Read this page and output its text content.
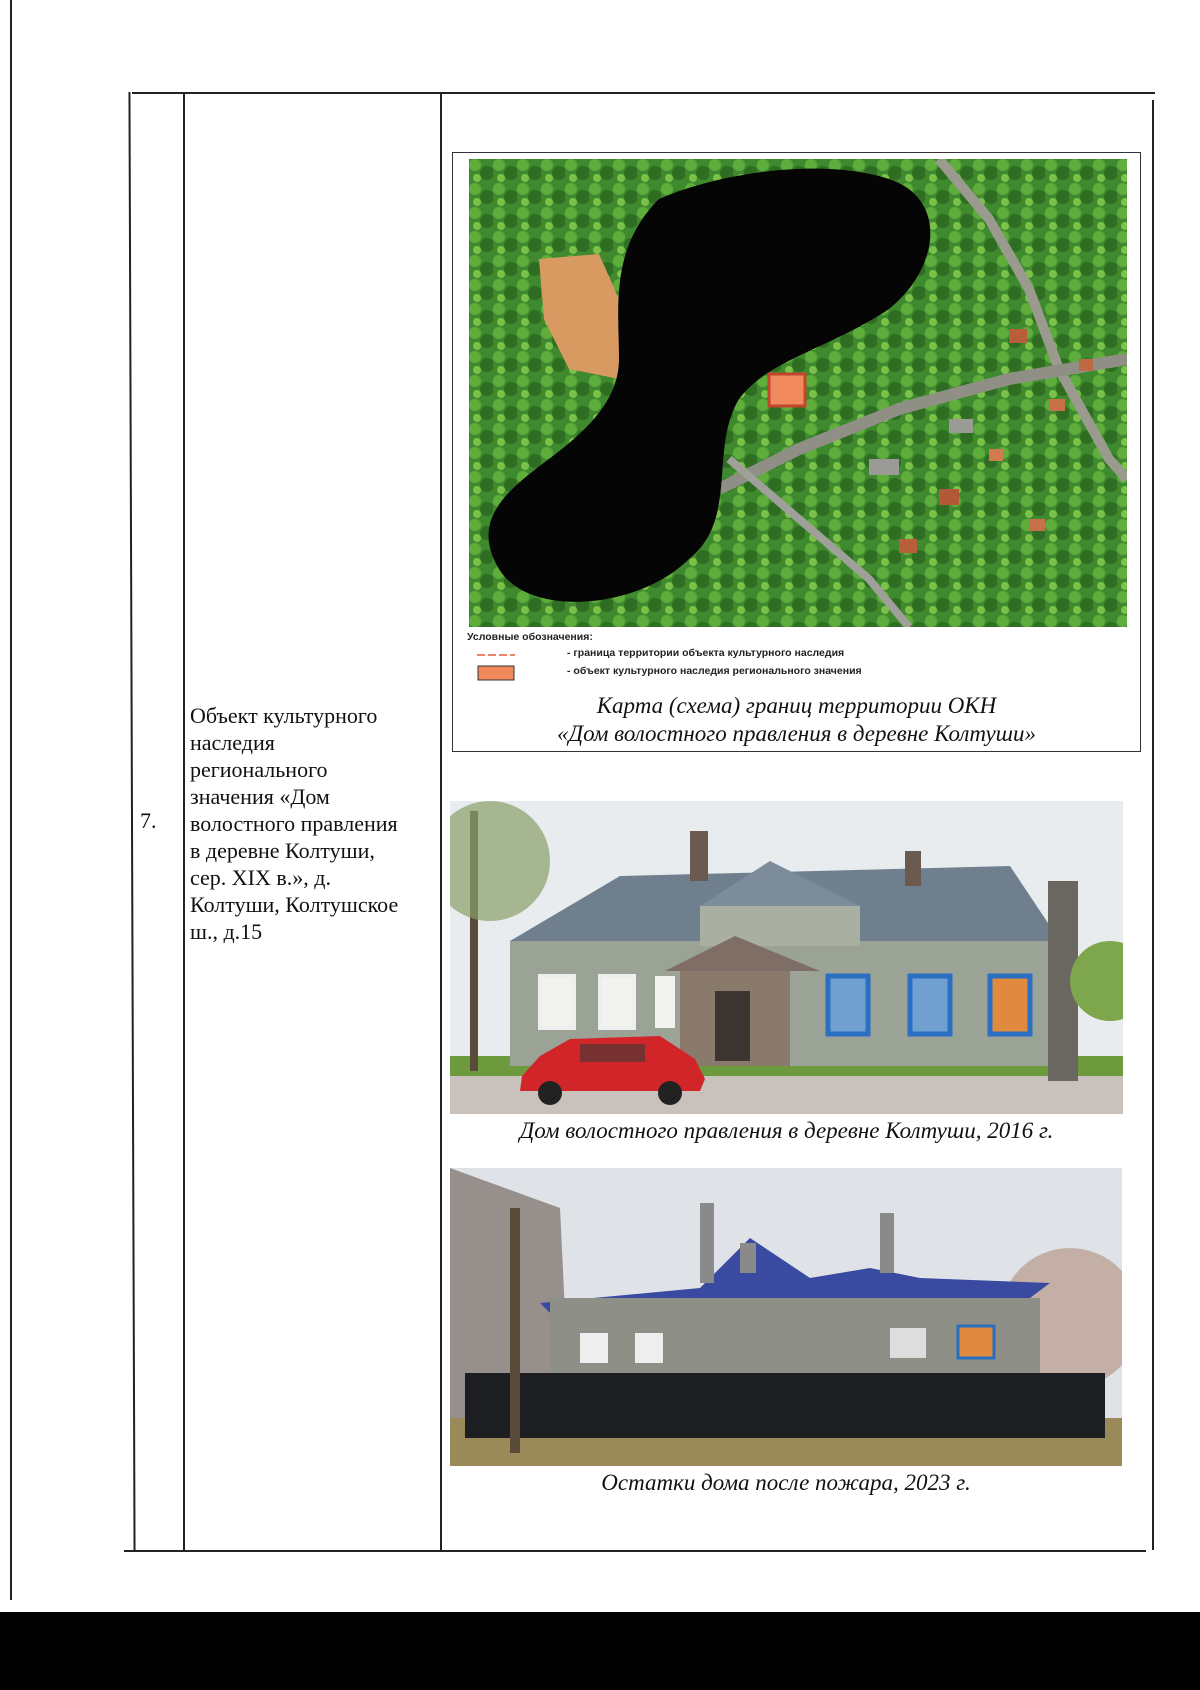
7.
Объект культурного наследия регионального значения «Дом волостного правления в деревне Колтуши, сер. XIX в.», д. Колтуши, Колтушское ш., д.15
Условные обозначения:
- граница территории объекта культурного наследия
- объект культурного наследия регионального значения
Карта (схема) границ территории ОКН
«Дом волостного правления в деревне Колтуши»
Дом волостного правления в деревне Колтуши, 2016 г.
Остатки дома после пожара, 2023 г.
